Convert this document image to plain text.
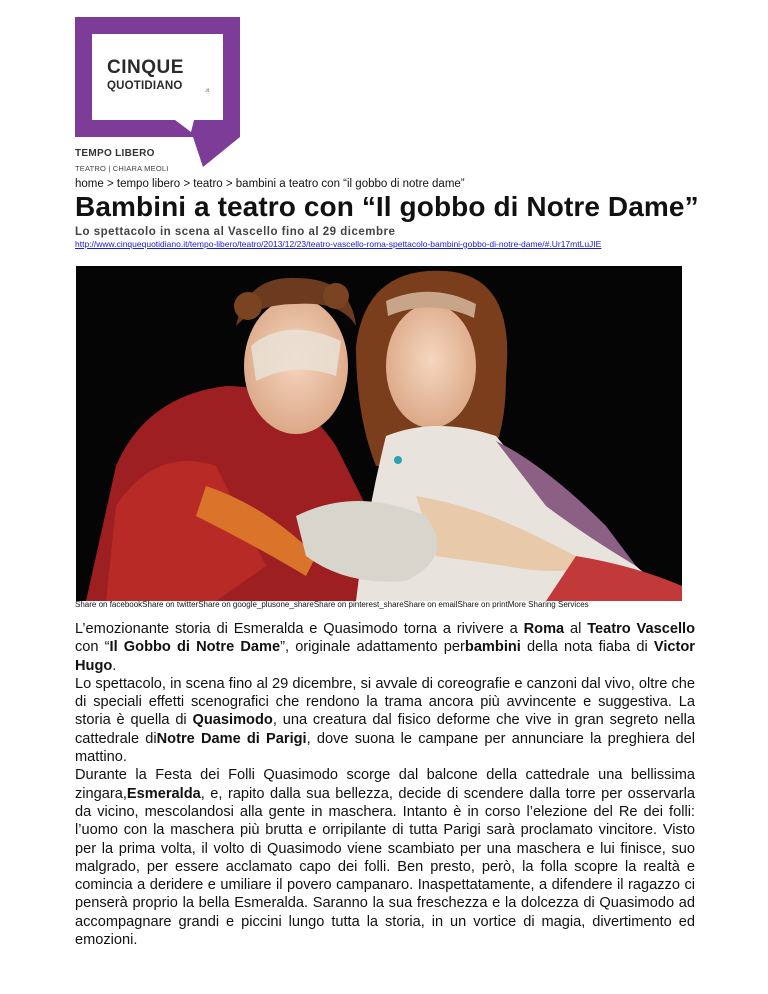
CINQUE
QUOTIDIANO	.it
TEMPO LIBERO
TEATRO | CHIARA MEOLI
home > tempo libero > teatro > bambini a teatro con “il gobbo di notre dame”
Bambini a teatro con “Il gobbo di Notre Dame”
Lo spettacolo in scena al Vascello fino al 29 dicembre
http://www.cinquequotidiano.it/tempo-libero/teatro/2013/12/23/teatro-vascello-roma-spettacolo-bambini-gobbo-di-notre-dame/#.Ur17mtLuJIE
Share on facebookShare on twitterShare on google_plusone_shareShare on pinterest_shareShare on emailShare on printMore Sharing Services

L’emozionante storia di Esmeralda e Quasimodo torna a rivivere a Roma al Teatro Vascello con “Il Gobbo di Notre Dame”, originale adattamento perbambini della nota fiaba di Victor Hugo.

Lo spettacolo, in scena fino al 29 dicembre, si avvale di coreografie e canzoni dal vivo, oltre che di speciali effetti scenografici che rendono la trama ancora più avvincente e suggestiva. La storia è quella di Quasimodo, una creatura dal fisico deforme che vive in gran segreto nella cattedrale diNotre Dame di Parigi, dove suona le campane per annunciare la preghiera del mattino.

Durante la Festa dei Folli Quasimodo scorge dal balcone della cattedrale una bellissima zingara,Esmeralda, e, rapito dalla sua bellezza, decide di scendere dalla torre per osservarla da vicino, mescolandosi alla gente in maschera. Intanto è in corso l’elezione del Re dei folli: l’uomo con la maschera più brutta e orripilante di tutta Parigi sarà proclamato vincitore. Visto per la prima volta, il volto di Quasimodo viene scambiato per una maschera e lui finisce, suo malgrado, per essere acclamato capo dei folli. Ben presto, però, la folla scopre la realtà e comincia a deridere e umiliare il povero campanaro. Inaspettatamente, a difendere il ragazzo ci penserà proprio la bella Esmeralda. Saranno la sua freschezza e la dolcezza di Quasimodo ad accompagnare grandi e piccini lungo tutta la storia, in un vortice di magia, divertimento ed emozioni.
